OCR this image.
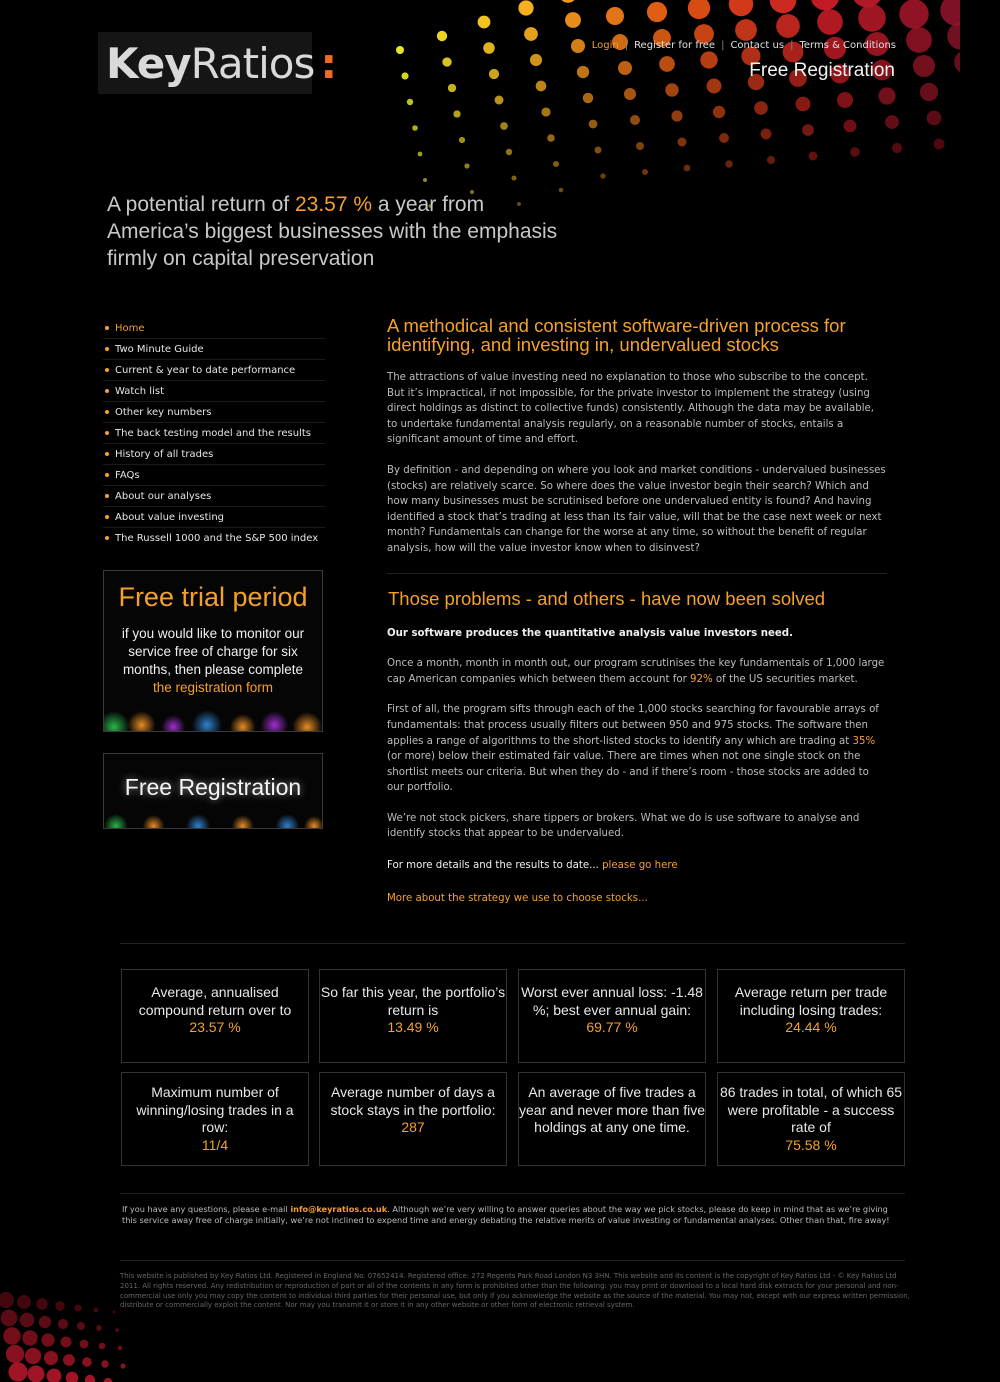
Key Ratios :	Login | Register for free | Contact us | Terms & Conditions
Free Registration
A potential return of 23.57 % a year from America’s biggest businesses with the emphasis firmly on capital preservation
Home
Two Minute Guide
Current & year to date performance
Watch list
Other key numbers
The back testing model and the results
History of all trades
FAQs
About our analyses
About value investing
The Russell 1000 and the S&P 500 index
Free trial period
if you would like to monitor our service free of charge for six months, then please complete the registration form
Free Registration
A methodical and consistent software-driven process for identifying, and investing in, undervalued stocks

The attractions of value investing need no explanation to those who subscribe to the concept. But it’s impractical, if not impossible, for the private investor to implement the strategy (using direct holdings as distinct to collective funds) consistently. Although the data may be available, to undertake fundamental analysis regularly, on a reasonable number of stocks, entails a significant amount of time and effort.

By definition - and depending on where you look and market conditions - undervalued businesses (stocks) are relatively scarce. So where does the value investor begin their search? Which and how many businesses must be scrutinised before one undervalued entity is found? And having identified a stock that’s trading at less than its fair value, will that be the case next week or next month? Fundamentals can change for the worse at any time, so without the benefit of regular analysis, how will the value investor know when to disinvest?

Those problems - and others - have now been solved

Our software produces the quantitative analysis value investors need.

Once a month, month in month out, our program scrutinises the key fundamentals of 1,000 large cap American companies which between them account for 92% of the US securities market.

First of all, the program sifts through each of the 1,000 stocks searching for favourable arrays of fundamentals: that process usually filters out between 950 and 975 stocks. The software then applies a range of algorithms to the short-listed stocks to identify any which are trading at 35% (or more) below their estimated fair value. There are times when not one single stock on the shortlist meets our criteria. But when they do - and if there’s room - those stocks are added to our portfolio.

We’re not stock pickers, share tippers or brokers. What we do is use software to analyse and identify stocks that appear to be undervalued.

For more details and the results to date... please go here

More about the strategy we use to choose stocks...

Average, annualised compound return over to
23.57 %
So far this year, the portfolio’s return is
13.49 %
Worst ever annual loss: -1.48 %; best ever annual gain:
69.77 %
Average return per trade including losing trades:
24.44 %
Maximum number of winning/losing trades in a row:
11/4
Average number of days a stock stays in the portfolio:
287
An average of five trades a year and never more than five holdings at any one time.
86 trades in total, of which 65 were profitable - a success rate of
75.58 %
If you have any questions, please e-mail info@keyratios.co.uk. Although we’re very willing to answer queries about the way we pick stocks, please do keep in mind that as we’re giving this service away free of charge initially, we’re not inclined to expend time and energy debating the relative merits of value investing or fundamental analyses. Other than that, fire away!
This website is published by Key Ratios Ltd. Registered in England No. 07652414. Registered office: 272 Regents Park Road London N3 3HN. This website and its content is the copyright of Key Ratios Ltd - © Key Ratios Ltd 2011. All rights reserved. Any redistribution or reproduction of part or all of the contents in any form is prohibited other than the following: you may print or download to a local hard disk extracts for your personal and non-commercial use only you may copy the content to individual third parties for their personal use, but only if you acknowledge the website as the source of the material. You may not, except with our express written permission, distribute or commercially exploit the content. Nor may you transmit it or store it in any other website or other form of electronic retrieval system.
